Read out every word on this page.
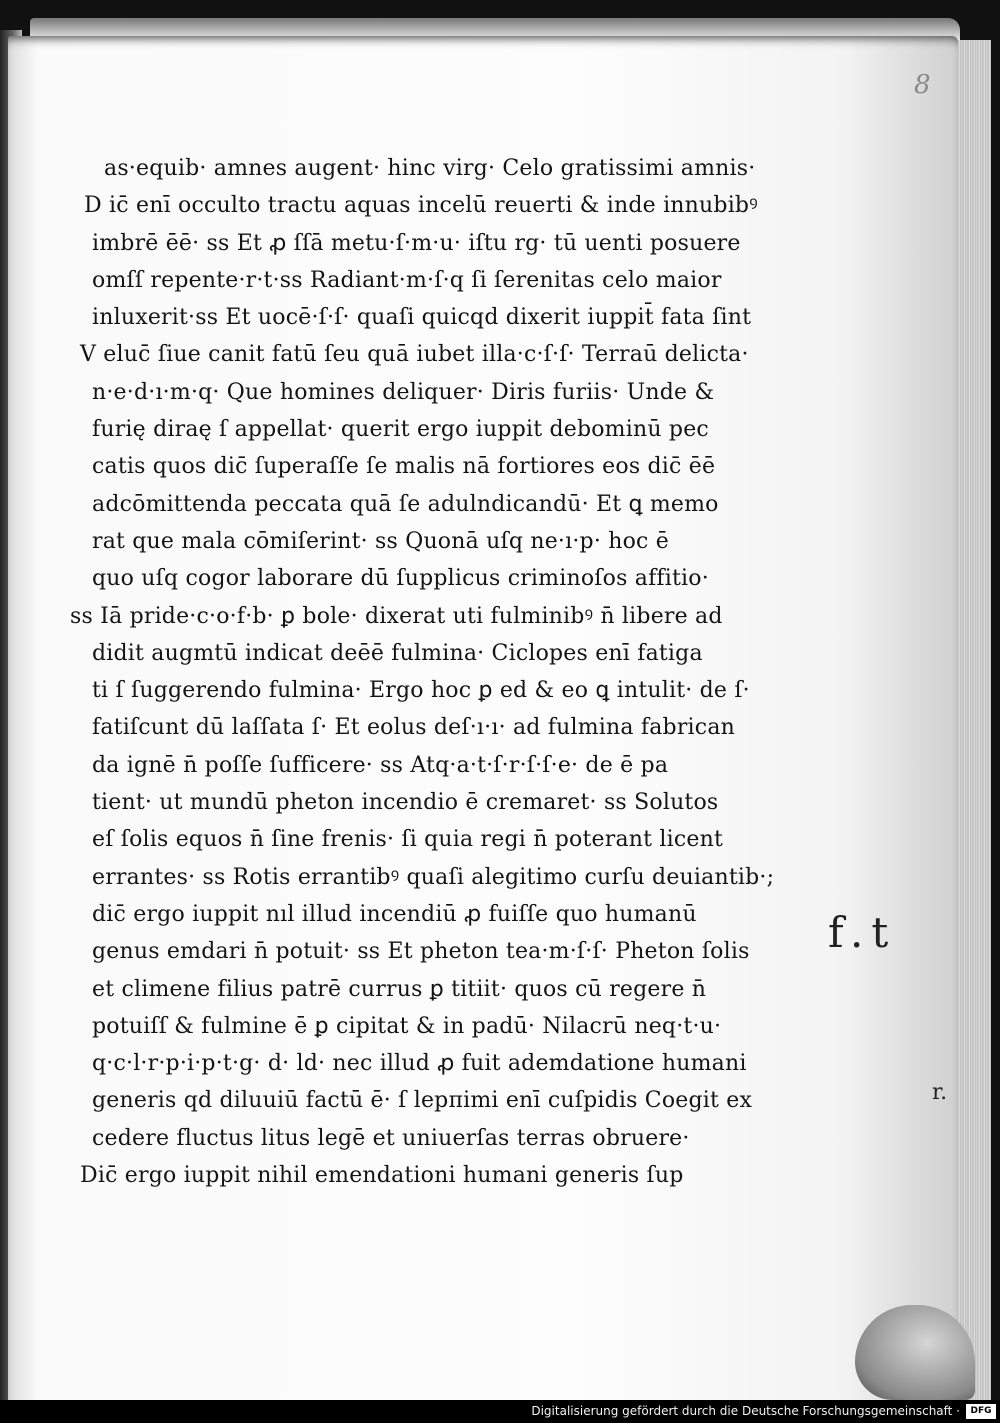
8
as·equib· amnes augent· hinc virg· Celo gratissimi amnis·
D ic̄ enī occulto tractu aquas incelū reuerti & inde innubibꝰ
imbrē ēē· ss Et ꝓ ſſā metu·ſ·m·u· iſtu rg· tū uenti posuere
omſſ repente·r·t·ss Radiant·m·ſ·q ſi ſerenitas celo maior
inluxerit·ss Et uocē·ſ·ſ· quaſi quicqd dixerit iuppit̄ fata ſint
V eluc̄ ſiue canit fatū ſeu quā iubet illa·c·ſ·ſ· Terraū delicta·
n·e·d·ı·m·q· Que homines deliquer· Diris furiis· Unde &
furię diraę ſ appellat· querit ergo iuppit debominū pec
catis quos dic̄ ſuperaſſe ſe malis nā fortiores eos dic̄ ēē
adcōmittenda peccata quā ſe adulndicandū· Et ꝗ memo
rat que mala cōmiſerint· ss Quonā uſq ne·ı·p· hoc ē
quo uſq cogor laborare dū ſupplicus criminoſos affitio·
ss Iā pride·c·o·f·b· ꝑ bole· dixerat uti fulminibꝰ n̄ libere ad
didit augmtū indicat deēē fulmina· Ciclopes enī fatiga
ti ſ ſuggerendo fulmina· Ergo hoc ꝑ ed & eo ꝗ intulit· de ſ·
fatiſcunt dū laſſata ſ· Et eolus deſ·ı·ı· ad fulmina fabrican
da ignē n̄ poſſe ſufficere· ss Atq·a·t·ſ·r·ſ·ſ·e· de ē pa
tient· ut mundū pheton incendio ē cremaret· ss Solutos
eſ ſolis equos n̄ ſine frenis· ſi quia regi n̄ poterant licent
errantes· ss Rotis errantibꝰ quaſi alegitimo curſu deuiantib·;
dic̄ ergo iuppit nıl illud incendiū ꝓ fuiſſe quo humanū
genus emdari n̄ potuit· ss Et pheton tea·m·ſ·ſ· Pheton ſolis
et climene filius patrē currus ꝑ titiit· quos cū regere n̄
potuiſſ & fulmine ē ꝑ cipitat & in padū· Nilacrū neq·t·u·
q·c·l·r·p·i·p·t·g· d· ld· nec illud ꝓ fuit ademdatione humani
generis qd diluuiū factū ē· ſ lepπimi enī cuſpidis Coegit ex
cedere fluctus litus legē et uniuerſas terras obruere·
Dic̄ ergo iuppit nihil emendationi humani generis ſup
f.t
r.
Digitalisierung gefördert durch die Deutsche Forschungsgemeinschaft ·	DFG
